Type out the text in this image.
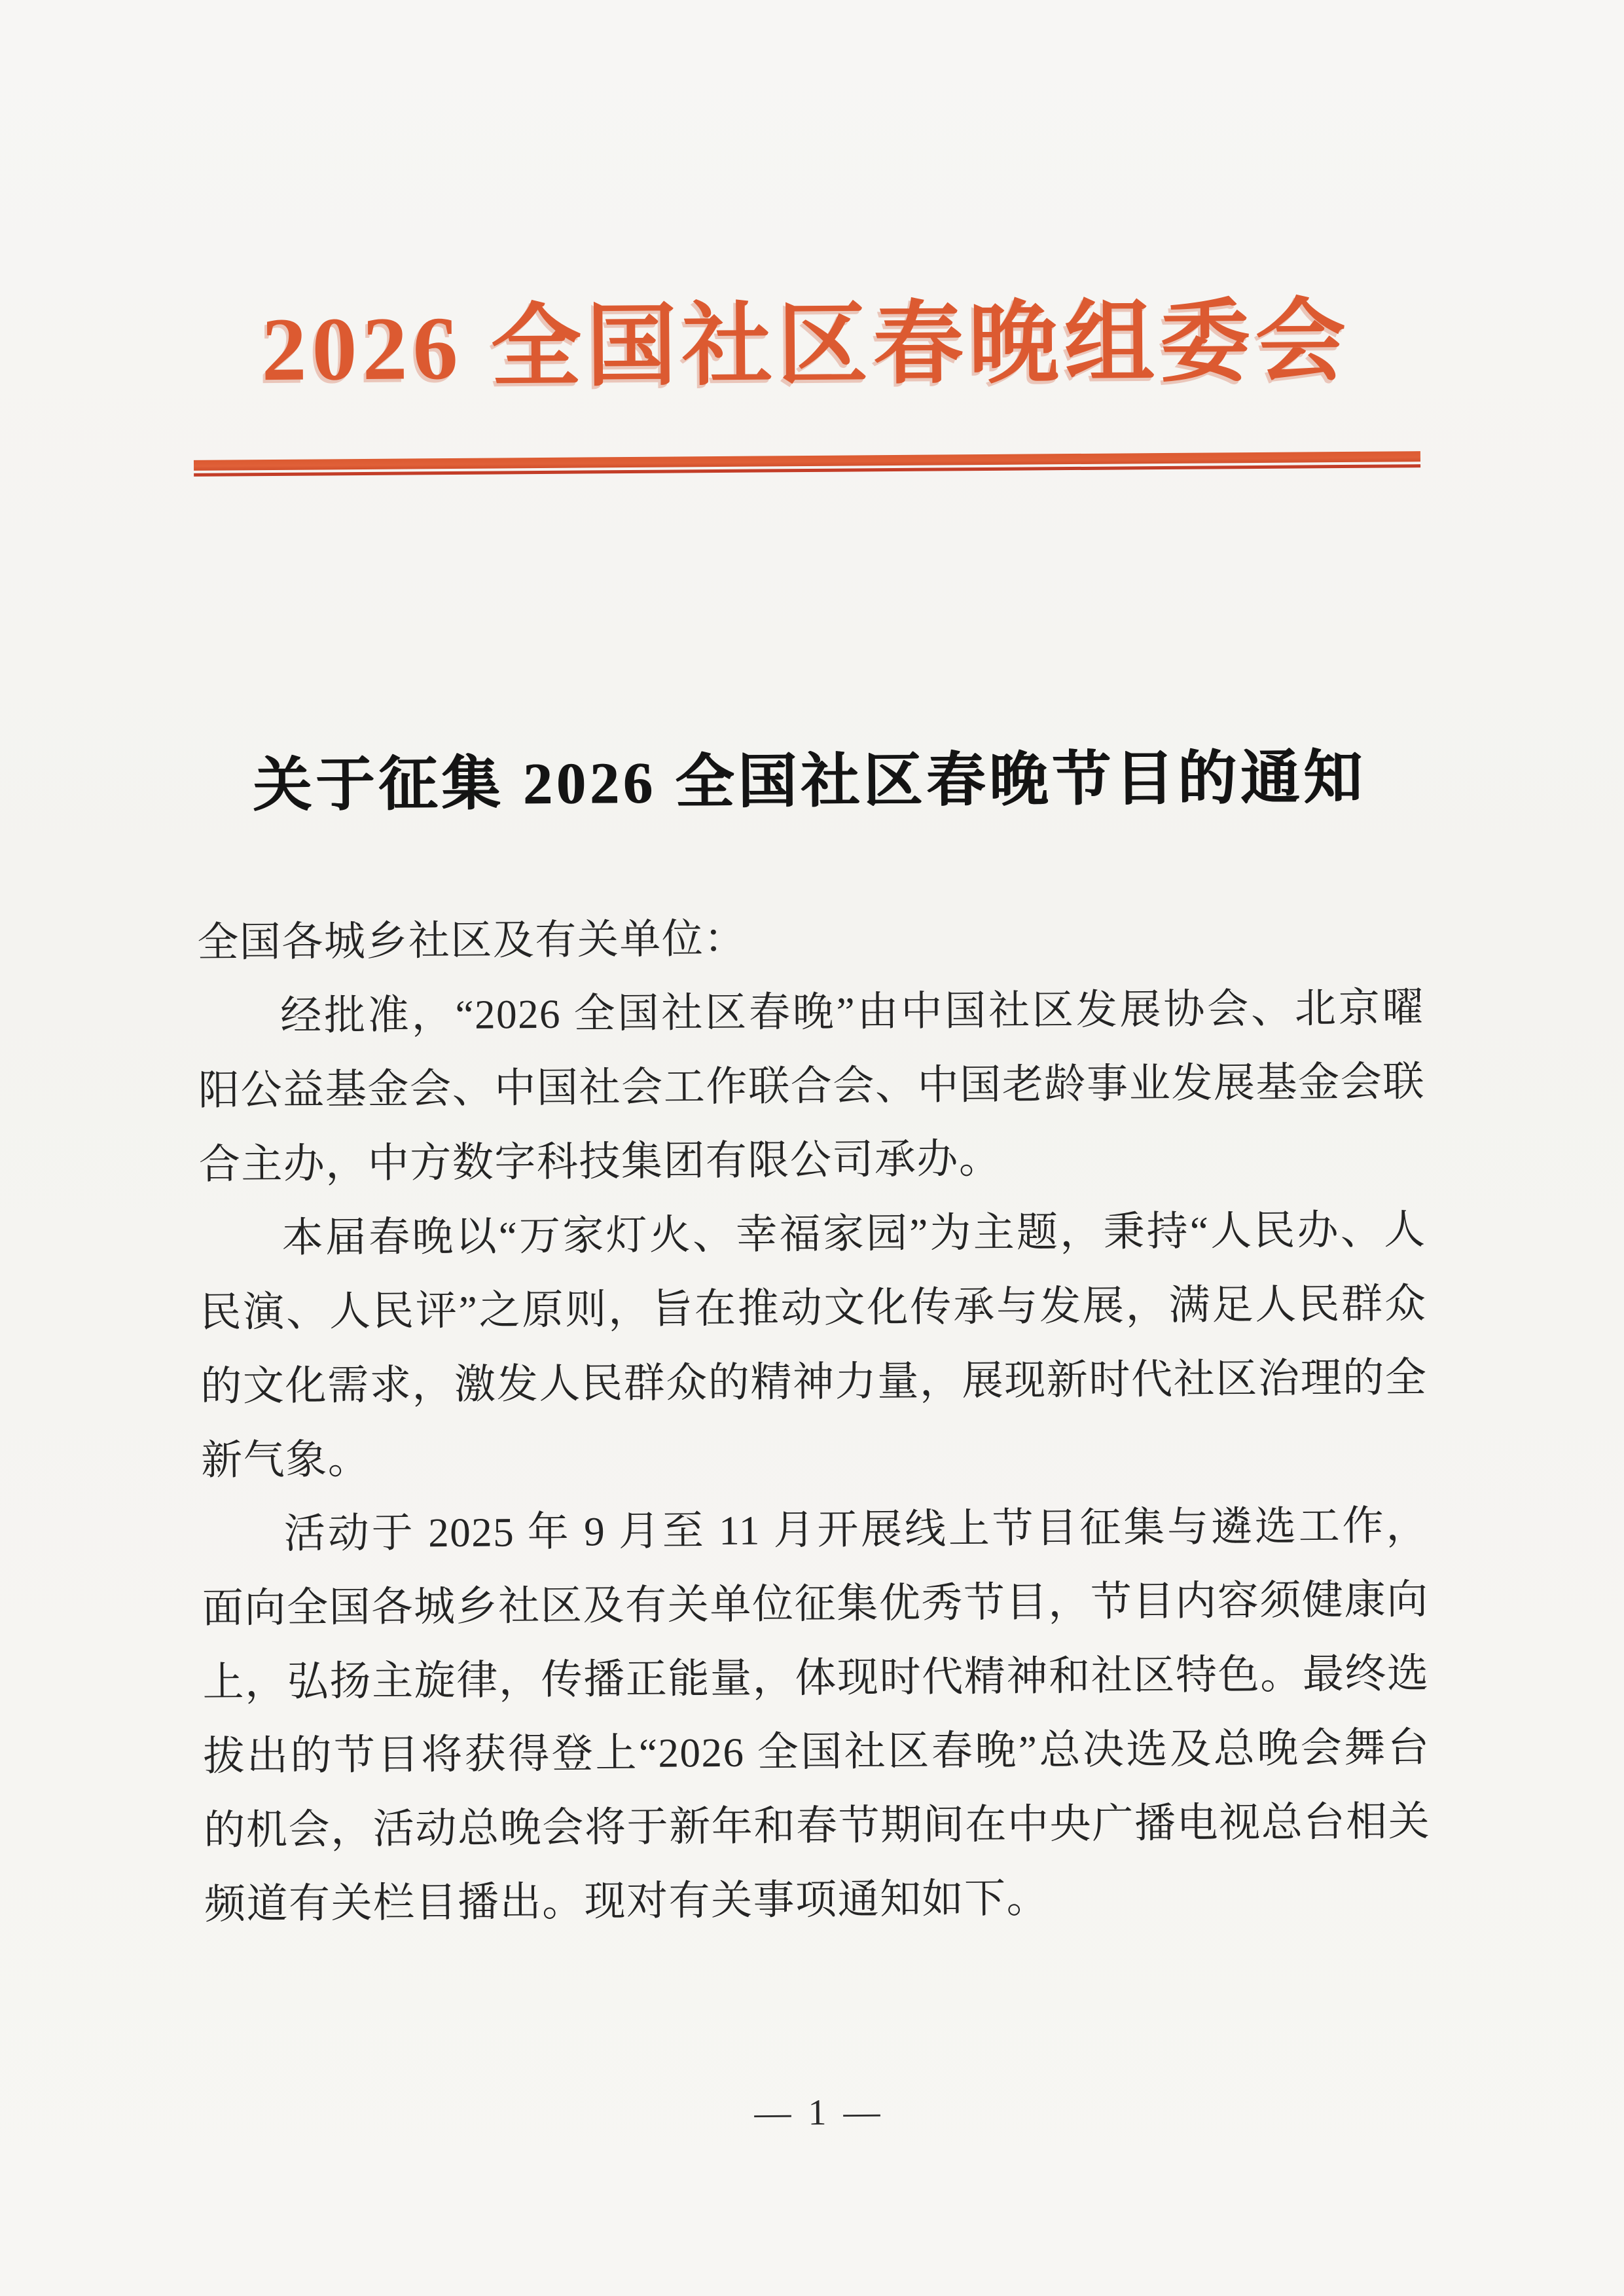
2026 全国社区春晚组委会
关于征集 2026 全国社区春晚节目的通知

全国各城乡社区及有关单位：

经批准，“2026 全国社区春晚”由中国社区发展协会、北京曜阳公益基金会、中国社会工作联合会、中国老龄事业发展基金会联合主办，中方数字科技集团有限公司承办。

本届春晚以“万家灯火、幸福家园”为主题，秉持“人民办、人民演、人民评”之原则，旨在推动文化传承与发展，满足人民群众的文化需求，激发人民群众的精神力量，展现新时代社区治理的全新气象。

活动于 2025 年 9 月至 11 月开展线上节目征集与遴选工作，面向全国各城乡社区及有关单位征集优秀节目，节目内容须健康向上，弘扬主旋律，传播正能量，体现时代精神和社区特色。最终选拔出的节目将获得登上“2026 全国社区春晚”总决选及总晚会舞台的机会，活动总晚会将于新年和春节期间在中央广播电视总台相关频道有关栏目播出。现对有关事项通知如下。

— 1 —
